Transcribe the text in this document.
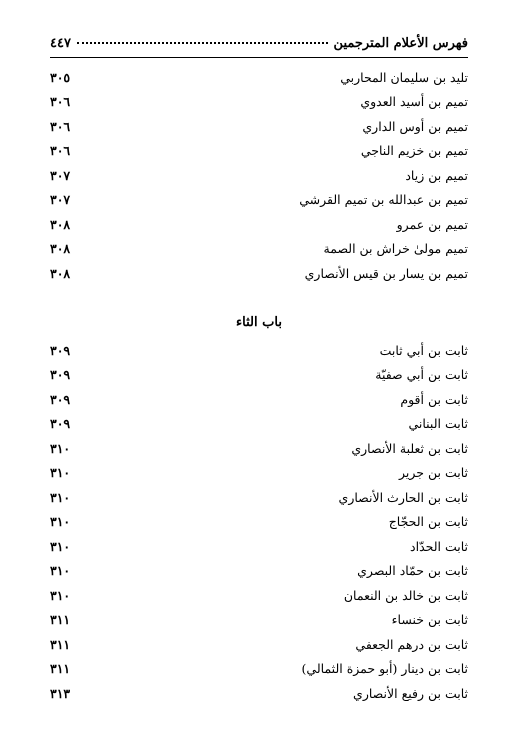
فهرس الأعلام المترجمين
٤٤٧
تليد بن سليمان المحاربي
٣٠٥
تميم بن أسيد العدوي
٣٠٦
تميم بن أوس الداري
٣٠٦
تميم بن خزيم الناجي
٣٠٦
تميم بن زياد
٣٠٧
تميم بن عبدالله بن تميم القرشي
٣٠٧
تميم بن عمرو
٣٠٨
تميم مولىٰ خراش بن الصمة
٣٠٨
تميم بن يسار بن قيس الأنصاري
٣٠٨
باب الثاء
ثابت بن أبي ثابت
٣٠٩
ثابت بن أبي صفيّة
٣٠٩
ثابت بن أقوم
٣٠٩
ثابت البناني
٣٠٩
ثابت بن ثعلبة الأنصاري
٣١٠
ثابت بن جرير
٣١٠
ثابت بن الحارث الأنصاري
٣١٠
ثابت بن الحجّاج
٣١٠
ثابت الحدّاد
٣١٠
ثابت بن حمّاد البصري
٣١٠
ثابت بن خالد بن النعمان
٣١٠
ثابت بن خنساء
٣١١
ثابت بن درهم الجعفي
٣١١
ثابت بن دينار (أبو حمزة الثمالي)
٣١١
ثابت بن رفيع الأنصاري
٣١٣
